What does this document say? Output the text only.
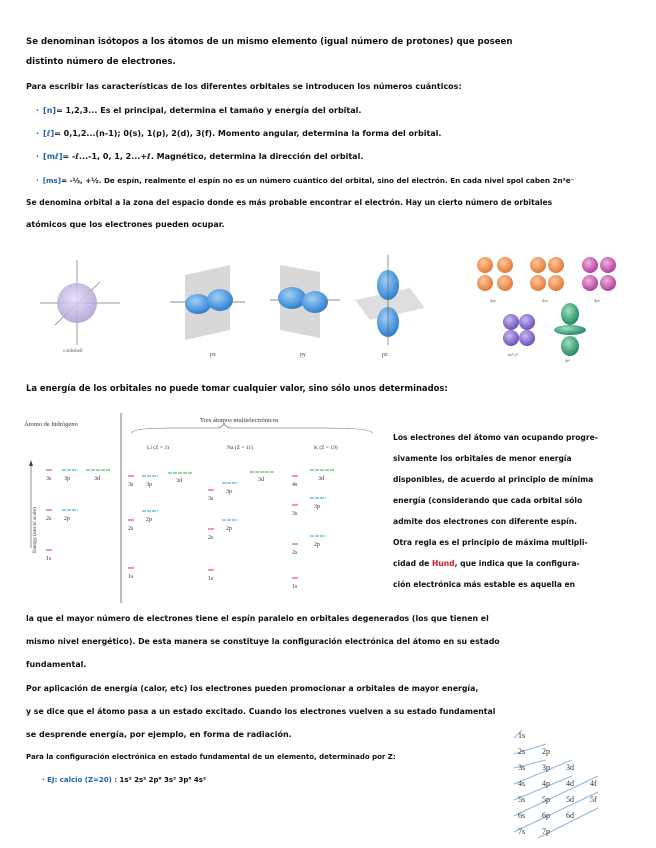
Se denominan isótopos a los átomos de un mismo elemento (igual número de protones) que poseen
distinto número de electrones.
Para escribir las características de los diferentes orbitales se introducen los números cuánticos:
· [n]= 1,2,3... Es el principal, determina el tamaño y energía del orbital.
· [ℓ]= 0,1,2...(n-1); 0(s), 1(p), 2(d), 3(f). Momento angular, determina la forma del orbital.
· [mℓ]= -ℓ...-1, 0, 1, 2...+ℓ. Magnético, determina la dirección del orbital.
· [ms]= -½, +½. De espín, realmente el espín no es un número cuántico del orbital, sino del electrón. En cada nivel spol caben 2n²e⁻
Se denomina orbital a la zona del espacio donde es más probable encontrar el electrón. Hay un cierto número de orbitales
atómicos que los electrones pueden ocupar.
s subshell
px	py	pz
dxy	dxz	dyz
dx²-y²
dz²
La energía de los orbitales no puede tomar cualquier valor, sino sólo unos determinados:
Átomo de hidrógeno
Tres átomos multielectrónicos
Li (Z = 3)	Na (Z = 11)	K (Z = 19)
Energy (not to scale)
3s 3p	3d
2s 2p
1s
3s 3p
3d
2s
2p
1s
3s
3p
3d
2s
2p
1s
4s
3d
3p
3s
2p
2s
1s
Los electrones del átomo van ocupando progre-
sivamente los orbitales de menor energía
disponibles, de acuerdo al principio de mínima
energía (considerando que cada orbital sólo
admite dos electrones con diferente espín.
Otra regla es el principio de máxima multipli-
cidad de Hund, que indica que la configura-
ción electrónica más estable es aquella en
la que el mayor número de electrones tiene el espín paralelo en orbitales degenerados (los que tienen el
mismo nivel energético). De esta manera se constituye la configuración electrónica del átomo en su estado
fundamental.
Por aplicación de energía (calor, etc) los electrones pueden promocionar a orbitales de mayor energía,
y se dice que el átomo pasa a un estado excitado. Cuando los electrones vuelven a su estado fundamental
se desprende energía, por ejemplo, en forma de radiación.
Para la configuración electrónica en estado fundamental de un elemento, determinado por Z:
· EJ: calcio (Z=20) : 1s² 2s² 2p⁶ 3s² 3p⁶ 4s²
1s
2s 2p
3s 3p 3d
4s 4p 4d 4f
5s 5p 5d 5f
6s 6p 6d
7s 7p
